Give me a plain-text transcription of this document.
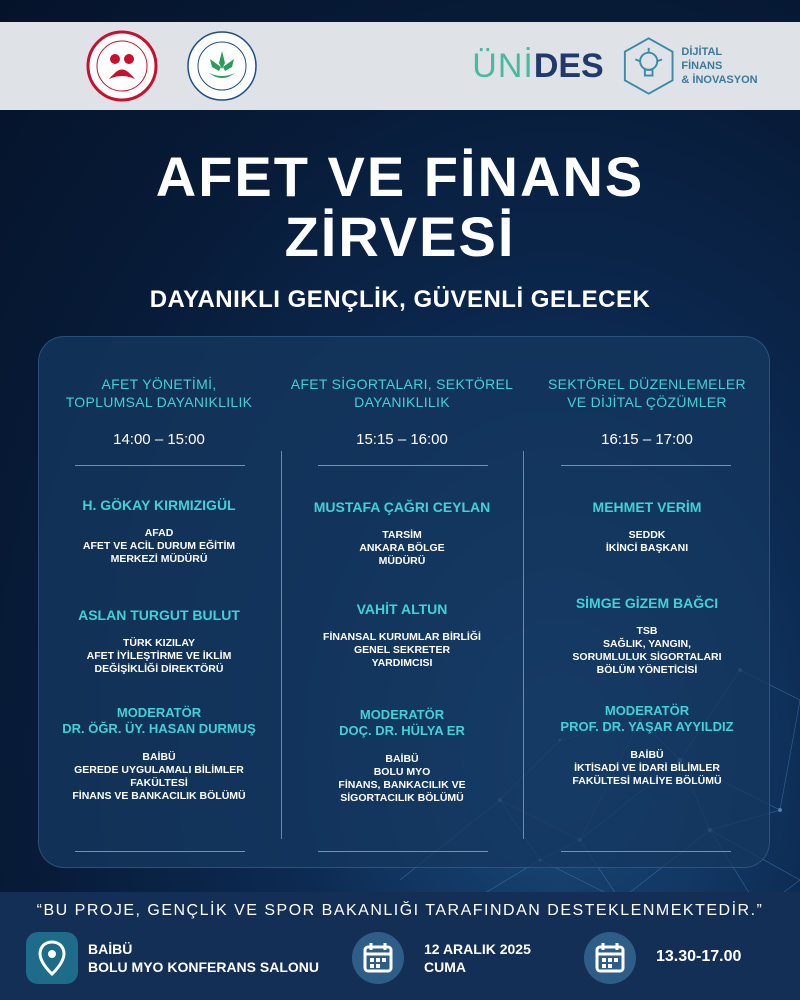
ÜNİ DES	DİJİTAL FİNANS
& İNOVASYON
AFET VE FİNANS
ZİRVESİ
DAYANIKLI GENÇLİK, GÜVENLİ GELECEK
AFET YÖNETİMİ,
TOPLUMSAL DAYANIKLILIK
14:00 – 15:00
H. GÖKAY KIRMIZIGÜL
AFAD
AFET VE ACİL DURUM EĞİTİM
MERKEZİ MÜDÜRÜ
ASLAN TURGUT BULUT
TÜRK KIZILAY
AFET İYİLEŞTİRME VE İKLİM
DEĞİŞİKLİĞİ DİREKTÖRÜ
MODERATÖR
DR. ÖĞR. ÜY. HASAN DURMUŞ
BAİBÜ
GEREDE UYGULAMALI BİLİMLER
FAKÜLTESİ
FİNANS VE BANKACILIK BÖLÜMÜ
AFET SİGORTALARI, SEKTÖREL
DAYANIKLILIK
15:15 – 16:00
MUSTAFA ÇAĞRI CEYLAN
TARSİM
ANKARA BÖLGE
MÜDÜRÜ
VAHİT ALTUN
FİNANSAL KURUMLAR BİRLİĞİ
GENEL SEKRETER
YARDIMCISI
MODERATÖR
DOÇ. DR. HÜLYA ER
BAİBÜ
BOLU MYO
FİNANS, BANKACILIK VE
SİGORTACILIK BÖLÜMÜ
SEKTÖREL DÜZENLEMELER
VE DİJİTAL ÇÖZÜMLER
16:15 – 17:00
MEHMET VERİM
SEDDK
İKİNCİ BAŞKANI
SİMGE GİZEM BAĞCI
TSB
SAĞLIK, YANGIN,
SORUMLULUK SİGORTALARI
BÖLÜM YÖNETİCİSİ
MODERATÖR
PROF. DR. YAŞAR AYYILDIZ
BAİBÜ
İKTİSADİ VE İDARİ BİLİMLER
FAKÜLTESİ MALİYE BÖLÜMÜ
“BU PROJE, GENÇLİK VE SPOR BAKANLIĞI TARAFINDAN DESTEKLENMEKTEDİR.”
BAİBÜ
BOLU MYO KONFERANS SALONU
12 ARALIK 2025
CUMA
13.30-17.00
